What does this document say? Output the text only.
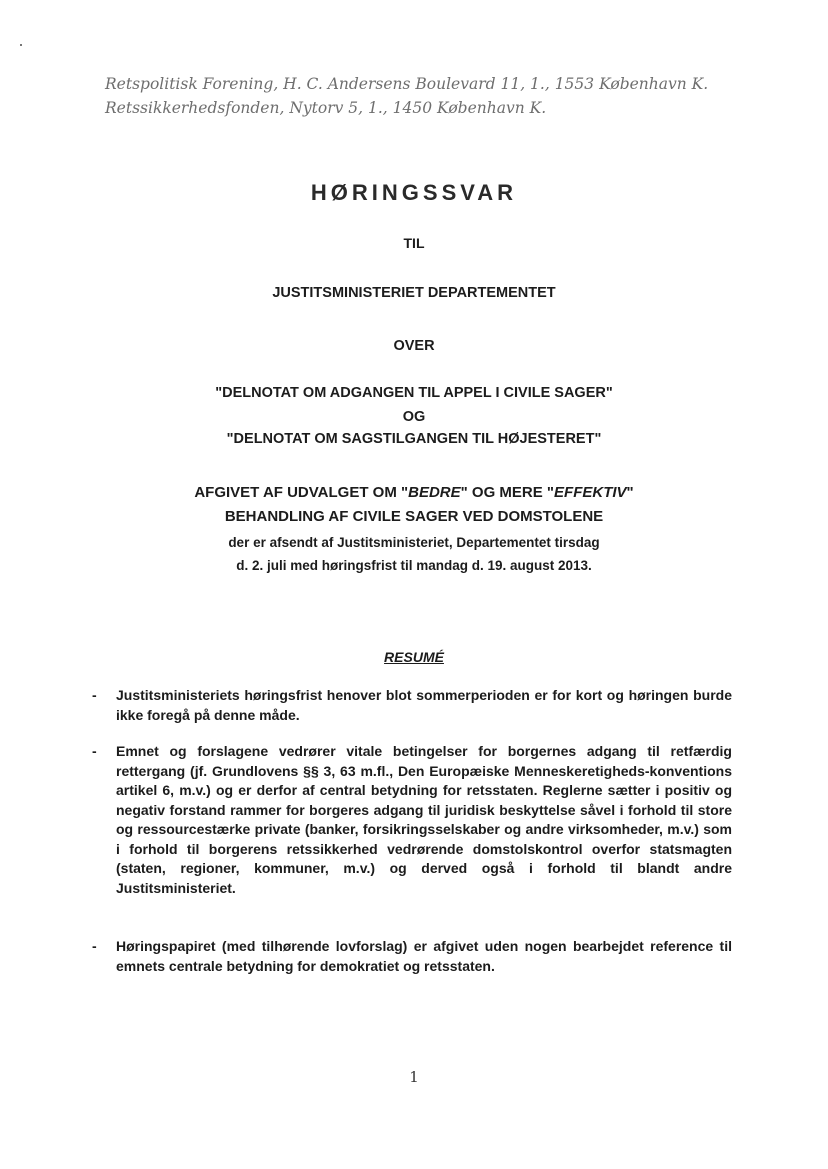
Retspolitisk Forening, H. C. Andersens Boulevard 11, 1., 1553 København K.
Retssikkerhedsfonden, Nytorv 5, 1., 1450 København K.
HØRINGSSVAR
TIL
JUSTITSMINISTERIET DEPARTEMENTET
OVER
"DELNOTAT OM ADGANGEN TIL APPEL I CIVILE SAGER"
OG
"DELNOTAT OM SAGSTILGANGEN TIL HØJESTERET"
AFGIVET AF UDVALGET OM "BEDRE" OG MERE "EFFEKTIV"
BEHANDLING AF CIVILE SAGER VED DOMSTOLENE
der er afsendt af Justitsministeriet, Departementet tirsdag
d. 2. juli med høringsfrist til mandag d. 19. august 2013.
RESUMÉ
- Justitsministeriets høringsfrist henover blot sommerperioden er for kort og høringen burde ikke foregå på denne måde.
- Emnet og forslagene vedrører vitale betingelser for borgernes adgang til retfærdig rettergang (jf. Grundlovens §§ 3, 63 m.fl., Den Europæiske Menneskeretigheds-konventions artikel 6, m.v.) og er derfor af central betydning for retsstaten. Reglerne sætter i positiv og negativ forstand rammer for borgeres adgang til juridisk beskyttelse såvel i forhold til store og ressourcestærke private (banker, forsikringsselskaber og andre virksomheder, m.v.) som i forhold til borgerens retssikkerhed vedrørende domstolskontrol overfor statsmagten (staten, regioner, kommuner, m.v.) og derved også i forhold til blandt andre Justitsministeriet.
- Høringspapiret (med tilhørende lovforslag) er afgivet uden nogen bearbejdet reference til emnets centrale betydning for demokratiet og retsstaten.
1
